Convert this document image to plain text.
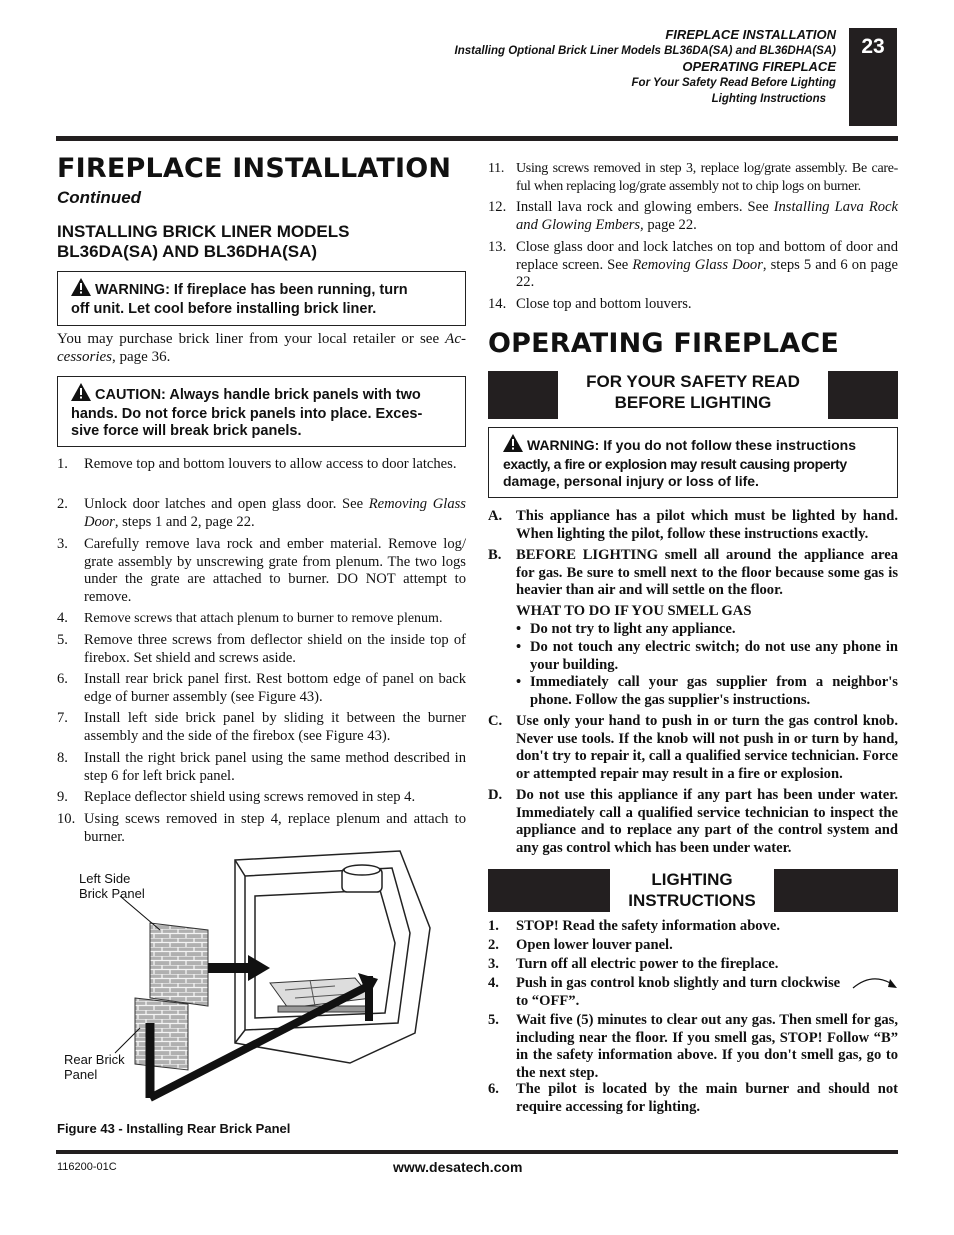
FIREPLACE INSTALLATION
Installing Optional Brick Liner Models BL36DA(SA) and BL36DHA(SA)
OPERATING FIREPLACE
For Your Safety Read Before Lighting
Lighting Instructions
23
FIREPLACE INSTALLATION
Continued
INSTALLING BRICK LINER MODELS
BL36DA(SA) AND BL36DHA(SA)
WARNING: If fireplace has been running, turn
off unit. Let cool before installing brick liner.
You may purchase brick liner from your local retailer or see Ac-cessories, page 36.
CAUTION: Always handle brick panels with two
hands. Do not force brick panels into place. Exces-
sive force will break brick panels.
1. Remove top and bottom louvers to allow access to door latches.
2. Unlock door latches and open glass door. See Removing Glass Door, steps 1 and 2, page 22.
3. Carefully remove lava rock and ember material. Remove log/ grate assembly by unscrewing grate from plenum. The two logs under the grate are attached to burner. DO NOT attempt to remove.
4. Remove screws that attach plenum to burner to remove plenum.
5. Remove three screws from deflector shield on the inside top of firebox. Set shield and screws aside.
6. Install rear brick panel first. Rest bottom edge of panel on back edge of burner assembly (see Figure 43).
7. Install left side brick panel by sliding it between the burner assembly and the side of the firebox (see Figure 43).
8. Install the right brick panel using the same method described in step 6 for left brick panel.
9. Replace deflector shield using screws removed in step 4.
10. Using scews removed in step 4, replace plenum and attach to burner.
Left Side
Brick Panel
Rear Brick
Panel
Figure 43 - Installing Rear Brick Panel
11. Using screws removed in step 3, replace log/grate assembly. Be care-ful when replacing log/grate assembly not to chip logs on burner.
12. Install lava rock and glowing embers. See Installing Lava Rock and Glowing Embers, page 22.
13. Close glass door and lock latches on top and bottom of door and replace screen. See Removing Glass Door, steps 5 and 6 on page 22.
14. Close top and bottom louvers.
OPERATING FIREPLACE
FOR YOUR SAFETY READ
BEFORE LIGHTING
WARNING: If you do not follow these instructions
exactly, a fire or explosion may result causing property
damage, personal injury or loss of life.
A. This appliance has a pilot which must be lighted by hand. When lighting the pilot, follow these instructions exactly.
B. BEFORE LIGHTING smell all around the appliance area for gas. Be sure to smell next to the floor because some gas is heavier than air and will settle on the floor.
WHAT TO DO IF YOU SMELL GAS
• Do not try to light any appliance.
• Do not touch any electric switch; do not use any phone in your building.
• Immediately call your gas supplier from a neighbor's phone. Follow the gas supplier's instructions.
C. Use only your hand to push in or turn the gas control knob. Never use tools. If the knob will not push in or turn by hand, don't try to repair it, call a qualified service technician. Force or attempted repair may result in a fire or explosion.
D. Do not use this appliance if any part has been under water. Immediately call a qualified service technician to inspect the appliance and to replace any part of the control system and any gas control which has been under water.
LIGHTING
INSTRUCTIONS
1. STOP! Read the safety information above.
2. Open lower louver panel.
3. Turn off all electric power to the fireplace.
4. Push in gas control knob slightly and turn clockwise to “OFF”.
5. Wait five (5) minutes to clear out any gas. Then smell for gas, including near the floor. If you smell gas, STOP! Follow “B” in the safety information above. If you don't smell gas, go to the next step.
6. The pilot is located by the main burner and should not require accessing for lighting.
116200-01C	www.desatech.com
